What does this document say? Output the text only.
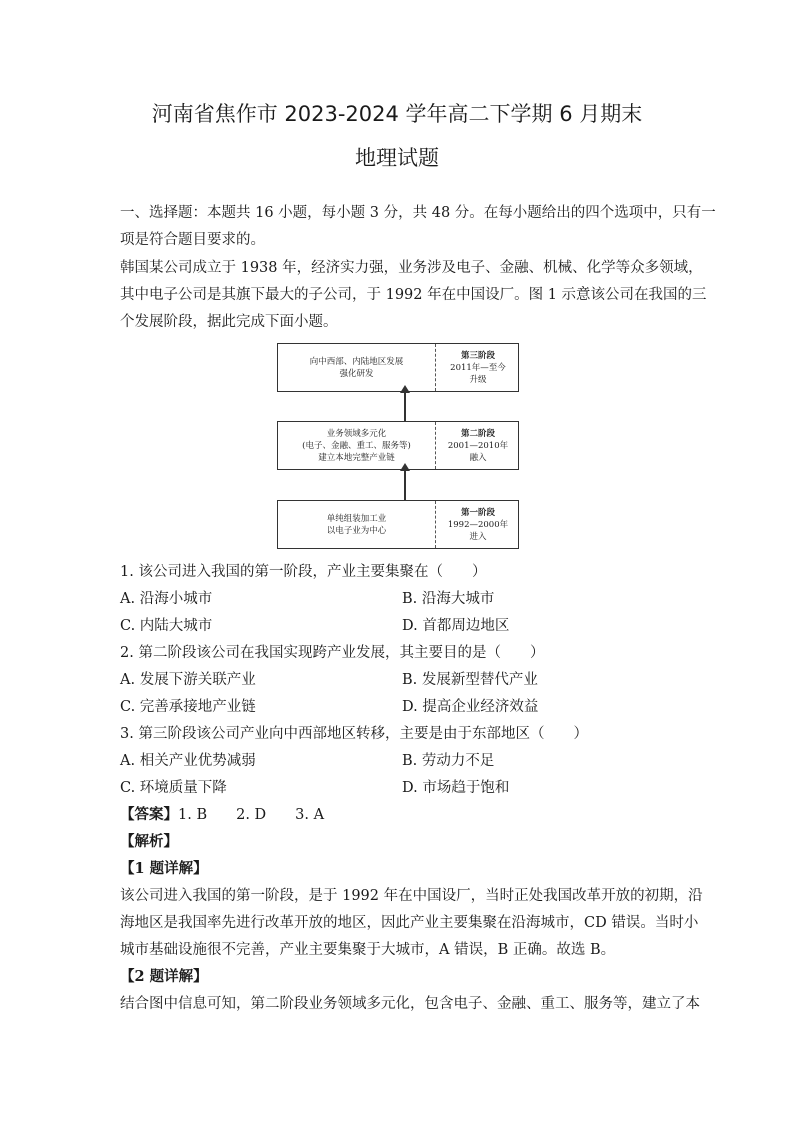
河南省焦作市 2023-2024 学年高二下学期 6 月期末
地理试题
一、选择题：本题共 16 小题，每小题 3 分，共 48 分。在每小题给出的四个选项中，只有一
项是符合题目要求的。
韩国某公司成立于 1938 年，经济实力强，业务涉及电子、金融、机械、化学等众多领域，
其中电子公司是其旗下最大的子公司，于 1992 年在中国设厂。图 1 示意该公司在我国的三
个发展阶段，据此完成下面小题。
向中西部、内陆地区发展
强化研发
第三阶段
2011年—至今
升级
业务领域多元化
(电子、金融、重工、服务等)
建立本地完整产业链
第二阶段
2001—2010年
融入
单纯组装加工业
以电子业为中心
第一阶段
1992—2000年
进入
1. 该公司进入我国的第一阶段，产业主要集聚在（　　）
A. 沿海小城市	B. 沿海大城市
C. 内陆大城市	D. 首都周边地区
2. 第二阶段该公司在我国实现跨产业发展，其主要目的是（　　）
A. 发展下游关联产业	B. 发展新型替代产业
C. 完善承接地产业链	D. 提高企业经济效益
3. 第三阶段该公司产业向中西部地区转移，主要是由于东部地区（　　）
A. 相关产业优势减弱	B. 劳动力不足
C. 环境质量下降	D. 市场趋于饱和
【答案】1. B　　2. D　　3. A
【解析】
【1 题详解】
该公司进入我国的第一阶段，是于 1992 年在中国设厂，当时正处我国改革开放的初期，沿
海地区是我国率先进行改革开放的地区，因此产业主要集聚在沿海城市，CD 错误。当时小
城市基础设施很不完善，产业主要集聚于大城市，A 错误，B 正确。故选 B。
【2 题详解】
结合图中信息可知，第二阶段业务领域多元化，包含电子、金融、重工、服务等，建立了本
